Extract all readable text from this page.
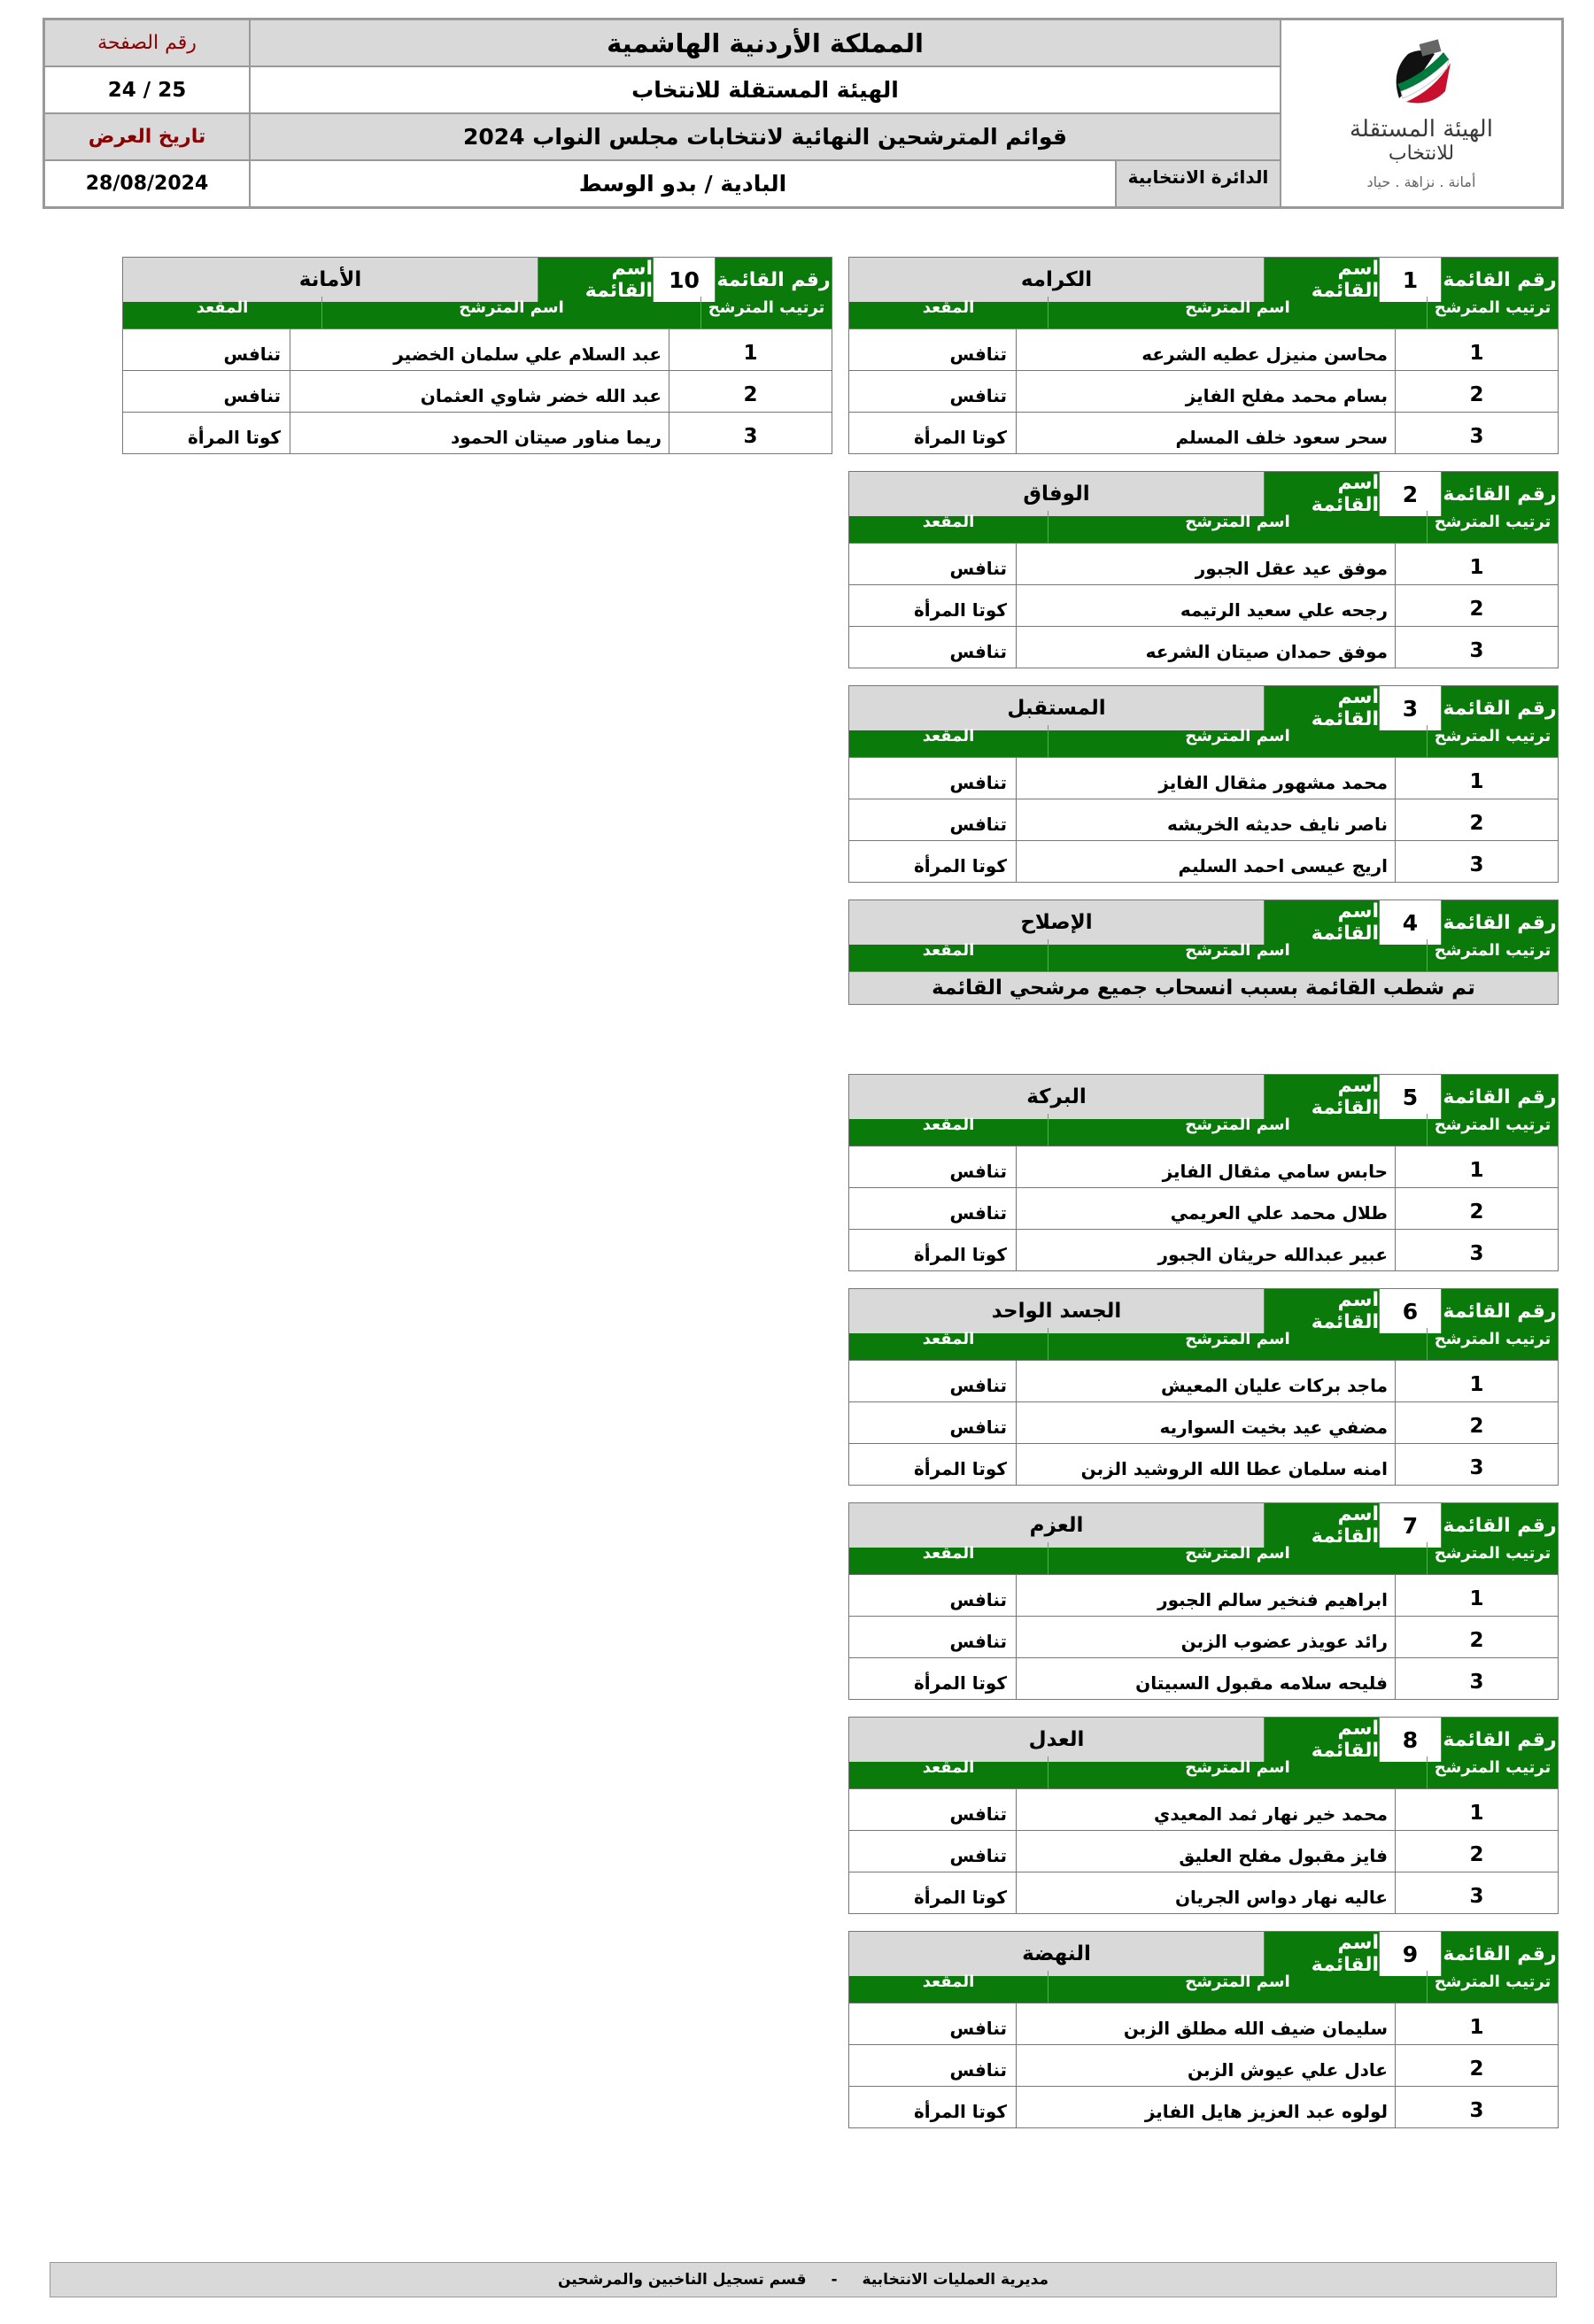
رقم الصفحة
24 / 25
تاريخ العرض
28/08/2024
المملكة الأردنية الهاشمية
الهيئة المستقلة للانتخاب
قوائم المترشحين النهائية لانتخابات مجلس النواب 2024
البادية / بدو الوسط	الدائرة الانتخابية
الهيئة المستقلة
للانتخاب
أمانة . نزاهة . حياد
رقم القائمة
1
اسم القائمة
الكرامه
ترتيب المترشح
اسم المترشح
المقعد
1
محاسن منيزل عطيه الشرعه
تنافس
2
بسام محمد مفلح الفايز
تنافس
3
سحر سعود خلف المسلم
كوتا المرأة
رقم القائمة
2
اسم القائمة
الوفاق
ترتيب المترشح
اسم المترشح
المقعد
1
موفق عيد عقل الجبور
تنافس
2
رجحه علي سعيد الرتيمه
كوتا المرأة
3
موفق حمدان صيتان الشرعه
تنافس
رقم القائمة
3
اسم القائمة
المستقبل
ترتيب المترشح
اسم المترشح
المقعد
1
محمد مشهور مثقال الفايز
تنافس
2
ناصر نايف حديثه الخريشه
تنافس
3
اريج عيسى احمد السليم
كوتا المرأة
رقم القائمة
4
اسم القائمة
الإصلاح
ترتيب المترشح
اسم المترشح
المقعد
تم شطب القائمة بسبب انسحاب جميع مرشحي القائمة
رقم القائمة
5
اسم القائمة
البركة
ترتيب المترشح
اسم المترشح
المقعد
1
حابس سامي مثقال الفايز
تنافس
2
طلال محمد علي العريمي
تنافس
3
عبير عبدالله حريثان الجبور
كوتا المرأة
رقم القائمة
6
اسم القائمة
الجسد الواحد
ترتيب المترشح
اسم المترشح
المقعد
1
ماجد بركات عليان المعيش
تنافس
2
مضفي عيد بخيت السواريه
تنافس
3
امنه سلمان عطا الله الروشيد الزبن
كوتا المرأة
رقم القائمة
7
اسم القائمة
العزم
ترتيب المترشح
اسم المترشح
المقعد
1
ابراهيم فنخير سالم الجبور
تنافس
2
رائد عويذر عضوب الزبن
تنافس
3
فليحه سلامه مقبول السبيتان
كوتا المرأة
رقم القائمة
8
اسم القائمة
العدل
ترتيب المترشح
اسم المترشح
المقعد
1
محمد خير نهار ثمد المعيدي
تنافس
2
فايز مقبول مفلح العليق
تنافس
3
عاليه نهار دواس الجريان
كوتا المرأة
رقم القائمة
9
اسم القائمة
النهضة
ترتيب المترشح
اسم المترشح
المقعد
1
سليمان ضيف الله مطلق الزبن
تنافس
2
عادل علي عيوش الزبن
تنافس
3
لولوه عبد العزيز هايل الفايز
كوتا المرأة
رقم القائمة
10
اسم القائمة
الأمانة
ترتيب المترشح
اسم المترشح
المقعد
1
عبد السلام علي سلمان الخضير
تنافس
2
عبد الله خضر شاوي العثمان
تنافس
3
ريما مناور صيتان الحمود
كوتا المرأة
مديرية العمليات الانتخابية
-
قسم تسجيل الناخبين والمرشحين
